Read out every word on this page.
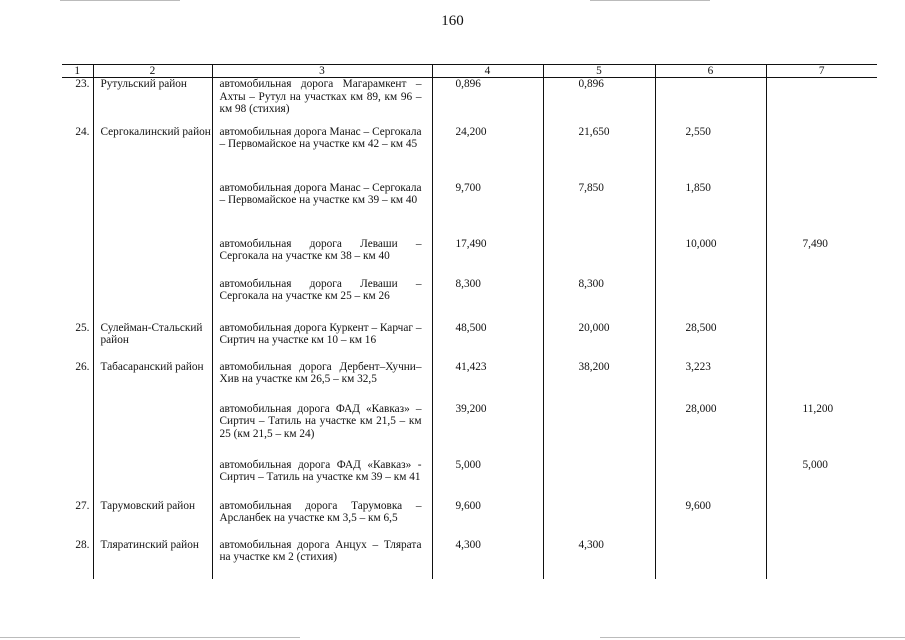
160
1	2	3	4	5	6	7
23.	Рутульский район	автомобильная дорога Магарамкент – Ахты – Рутул на участках км 89, км 96 – км 98 (стихия)	0,896	0,896		
24.	Сергокалинский район	автомобильная дорога Манас – Сергокала – Первомайское на участке км 42 – км 45	24,200	21,650	2,550	
		автомобильная дорога Манас – Сергокала – Первомайское на участке км 39 – км 40	9,700	7,850	1,850	
		автомобильная дорога Леваши – Сергокала на участке км 38 – км 40	17,490		10,000	7,490
		автомобильная дорога Леваши – Сергокала на участке км 25 – км 26	8,300	8,300		
25.	Сулейман-Стальский район	автомобильная дорога Куркент – Карчаг – Сиртич на участке км 10 – км 16	48,500	20,000	28,500	
26.	Табасаранский район	автомобильная дорога Дербент–Хучни–Хив на участке км 26,5 – км 32,5	41,423	38,200	3,223	
		автомобильная дорога ФАД «Кавказ» – Сиртич – Татиль на участке км 21,5 – км 25 (км 21,5 – км 24)	39,200		28,000	11,200
		автомобильная дорога ФАД «Кавказ» - Сиртич – Татиль на участке км 39 – км 41	5,000			5,000
27.	Тарумовский район	автомобильная дорога Тарумовка – Арсланбек на участке км 3,5 – км 6,5	9,600		9,600	
28.	Тляратинский район	автомобильная дорога Анцух – Тлярата на участке км 2 (стихия)	4,300	4,300		
